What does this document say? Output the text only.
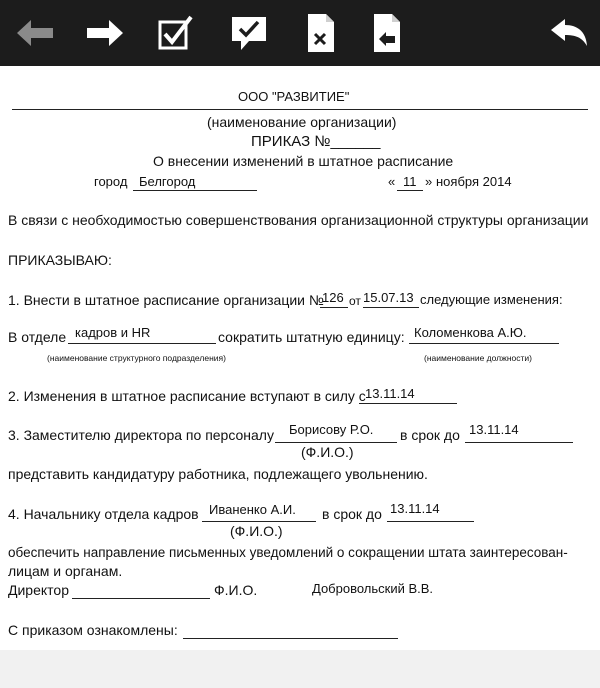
ООО "РАЗВИТИЕ"
(наименование организации)
ПРИКАЗ №______
О внесении изменений в штатное расписание
город Белгород	« 11 » ноября 2014
В связи с необходимостью совершенствования организационной структуры организации
ПРИКАЗЫВАЮ:
1. Внести в штатное расписание организации №
126 от 15.07.13 следующие изменения:
В отделе кадров и HR	сократить штатную единицу: Коломенкова А.Ю.
(наименование структурного подразделения)	(наименование должности)
2. Изменения в штатное расписание вступают в силу с 13.11.14
3. Заместителю директора по персоналу Борисову Р.О. в срок до 13.11.14
(Ф.И.О.)
представить кандидатуру работника, подлежащего увольнению.
4. Начальнику отдела кадров Иваненко А.И. в срок до 13.11.14
(Ф.И.О.)
обеспечить направление письменных уведомлений о сокращении штата заинтересован-
лицам и органам.
Директор	Ф.И.О.	Добровольский В.В.
С приказом ознакомлены:
